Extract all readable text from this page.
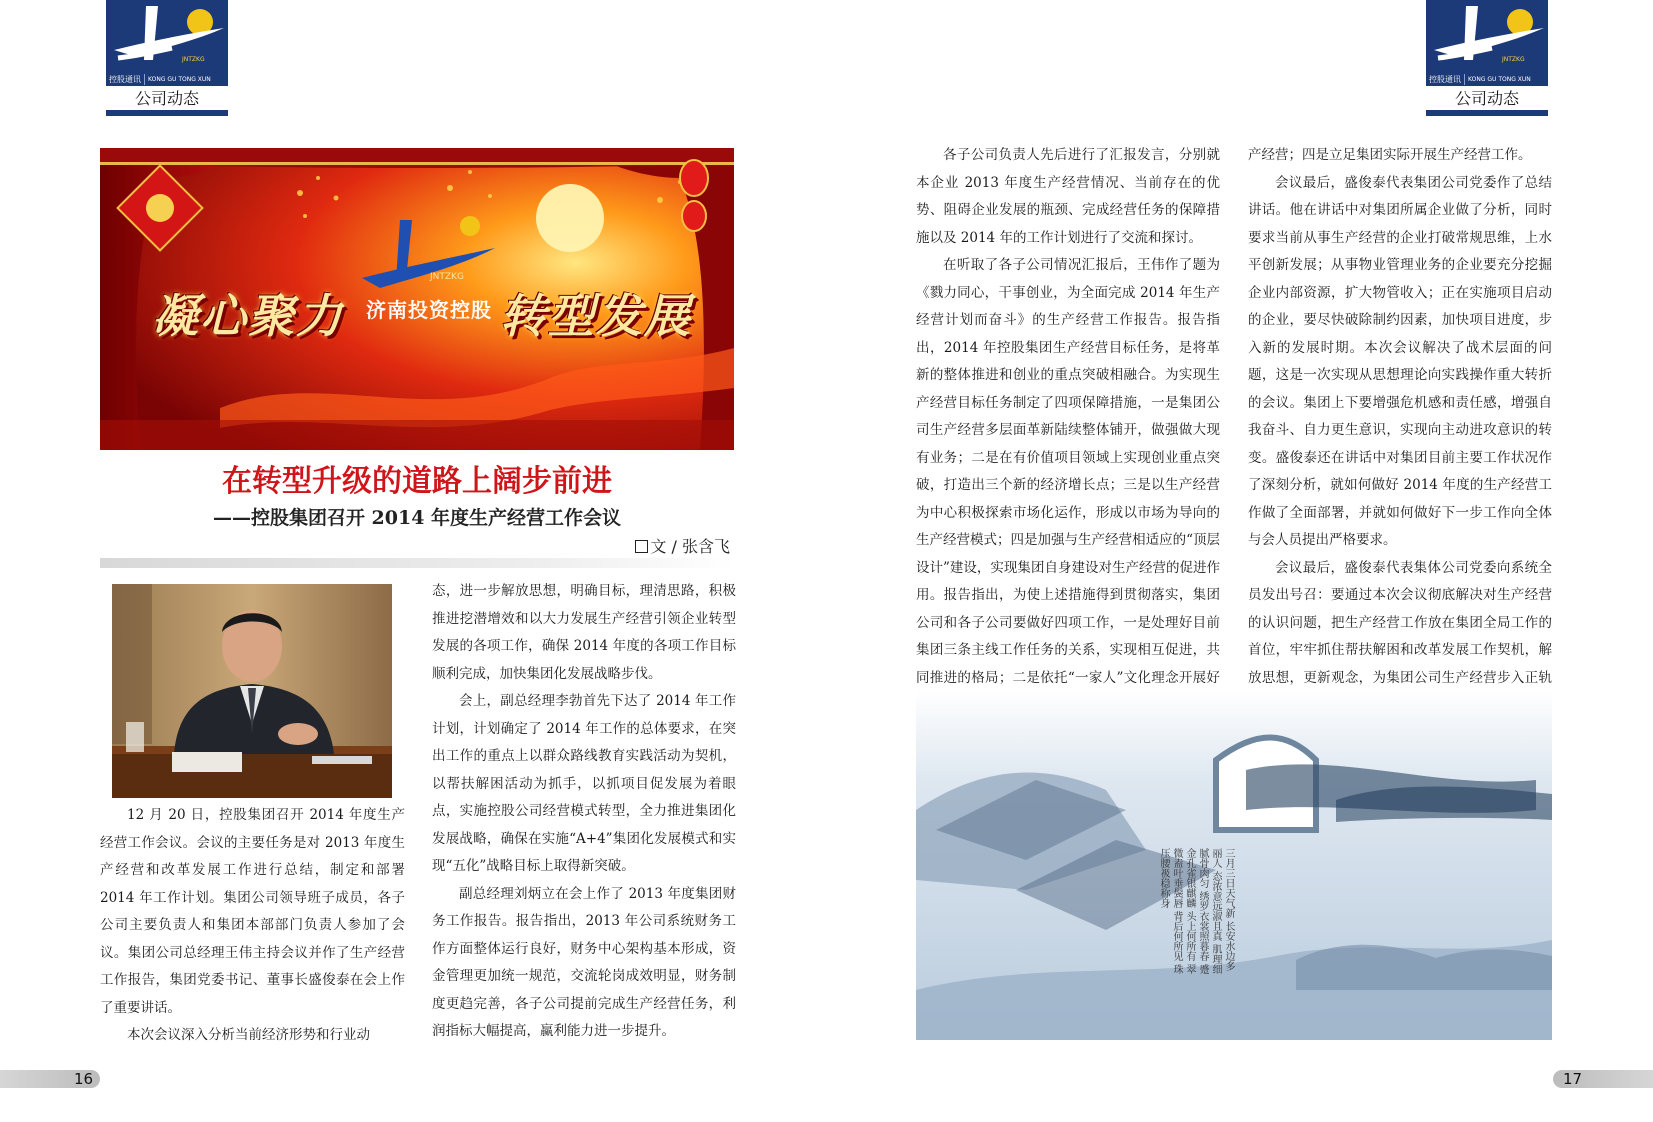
JNTZKG
控股通讯	KONG GU TONG XUN
公司动态
JNTZKG
控股通讯	KONG GU TONG XUN
公司动态
凝心聚力	转型发展
JNTZKG
济南投资控股
在转型升级的道路上阔步前进
——控股集团召开 2014 年度生产经营工作会议
文 / 张含飞

12 月 20 日，控股集团召开 2014 年度生产经营工作会议。会议的主要任务是对 2013 年度生产经营和改革发展工作进行总结，制定和部署 2014 年工作计划。集团公司领导班子成员，各子公司主要负责人和集团本部部门负责人参加了会议。集团公司总经理王伟主持会议并作了生产经营工作报告，集团党委书记、董事长盛俊泰在会上作了重要讲话。

本次会议深入分析当前经济形势和行业动

态，进一步解放思想，明确目标，理清思路，积极推进挖潜增效和以大力发展生产经营引领企业转型发展的各项工作，确保 2014 年度的各项工作目标顺利完成，加快集团化发展战略步伐。

会上，副总经理李勃首先下达了 2014 年工作计划，计划确定了 2014 年工作的总体要求，在突出工作的重点上以群众路线教育实践活动为契机，以帮扶解困活动为抓手，以抓项目促发展为着眼点，实施控股公司经营模式转型，全力推进集团化发展战略，确保在实施“A+4”集团化发展模式和实现“五化”战略目标上取得新突破。

副总经理刘炳立在会上作了 2013 年度集团财务工作报告。报告指出，2013 年公司系统财务工作方面整体运行良好，财务中心架构基本形成，资金管理更加统一规范，交流轮岗成效明显，财务制度更趋完善，各子公司提前完成生产经营任务，利润指标大幅提高，赢利能力进一步提升。

各子公司负责人先后进行了汇报发言，分别就本企业 2013 年度生产经营情况、当前存在的优势、阻碍企业发展的瓶颈、完成经营任务的保障措施以及 2014 年的工作计划进行了交流和探讨。

在听取了各子公司情况汇报后，王伟作了题为《戮力同心，干事创业，为全面完成 2014 年生产经营计划而奋斗》的生产经营工作报告。报告指出，2014 年控股集团生产经营目标任务，是将革新的整体推进和创业的重点突破相融合。为实现生产经营目标任务制定了四项保障措施，一是集团公司生产经营多层面革新陆续整体铺开，做强做大现有业务；二是在有价值项目领域上实现创业重点突破，打造出三个新的经济增长点；三是以生产经营为中心积极探索市场化运作，形成以市场为导向的生产经营模式；四是加强与生产经营相适应的“顶层设计”建设，实现集团自身建设对生产经营的促进作用。报告指出，为使上述措施得到贯彻落实，集团公司和各子公司要做好四项工作，一是处理好目前集团三条主线工作任务的关系，实现相互促进，共同推进的格局；二是依托“一家人”文化理念开展好

产经营；四是立足集团实际开展生产经营工作。

会议最后，盛俊泰代表集团公司党委作了总结讲话。他在讲话中对集团所属企业做了分析，同时要求当前从事生产经营的企业打破常规思维，上水平创新发展；从事物业管理业务的企业要充分挖掘企业内部资源，扩大物管收入；正在实施项目启动的企业，要尽快破除制约因素，加快项目进度，步入新的发展时期。本次会议解决了战术层面的问题，这是一次实现从思想理论向实践操作重大转折的会议。集团上下要增强危机感和责任感，增强自我奋斗、自力更生意识，实现向主动进攻意识的转变。盛俊泰还在讲话中对集团目前主要工作状况作了深刻分析，就如何做好 2014 年度的生产经营工作做了全面部署，并就如何做好下一步工作向全体与会人员提出严格要求。

会议最后，盛俊泰代表集体公司党委向系统全员发出号召：要通过本次会议彻底解决对生产经营的认识问题，把生产经营工作放在集团全局工作的首位，牢牢抓住帮扶解困和改革发展工作契机，解放思想，更新观念，为集团公司生产经营步入正轨

三月三日天气新 长安水边多丽人 态浓意远淑且真 肌理细腻骨肉匀 绣罗衣裳照暮春 蹙金孔雀银麒麟 头上何所有 翠微盍叶垂鬓唇 背后何所见 珠压腰衱稳称身
16	17
